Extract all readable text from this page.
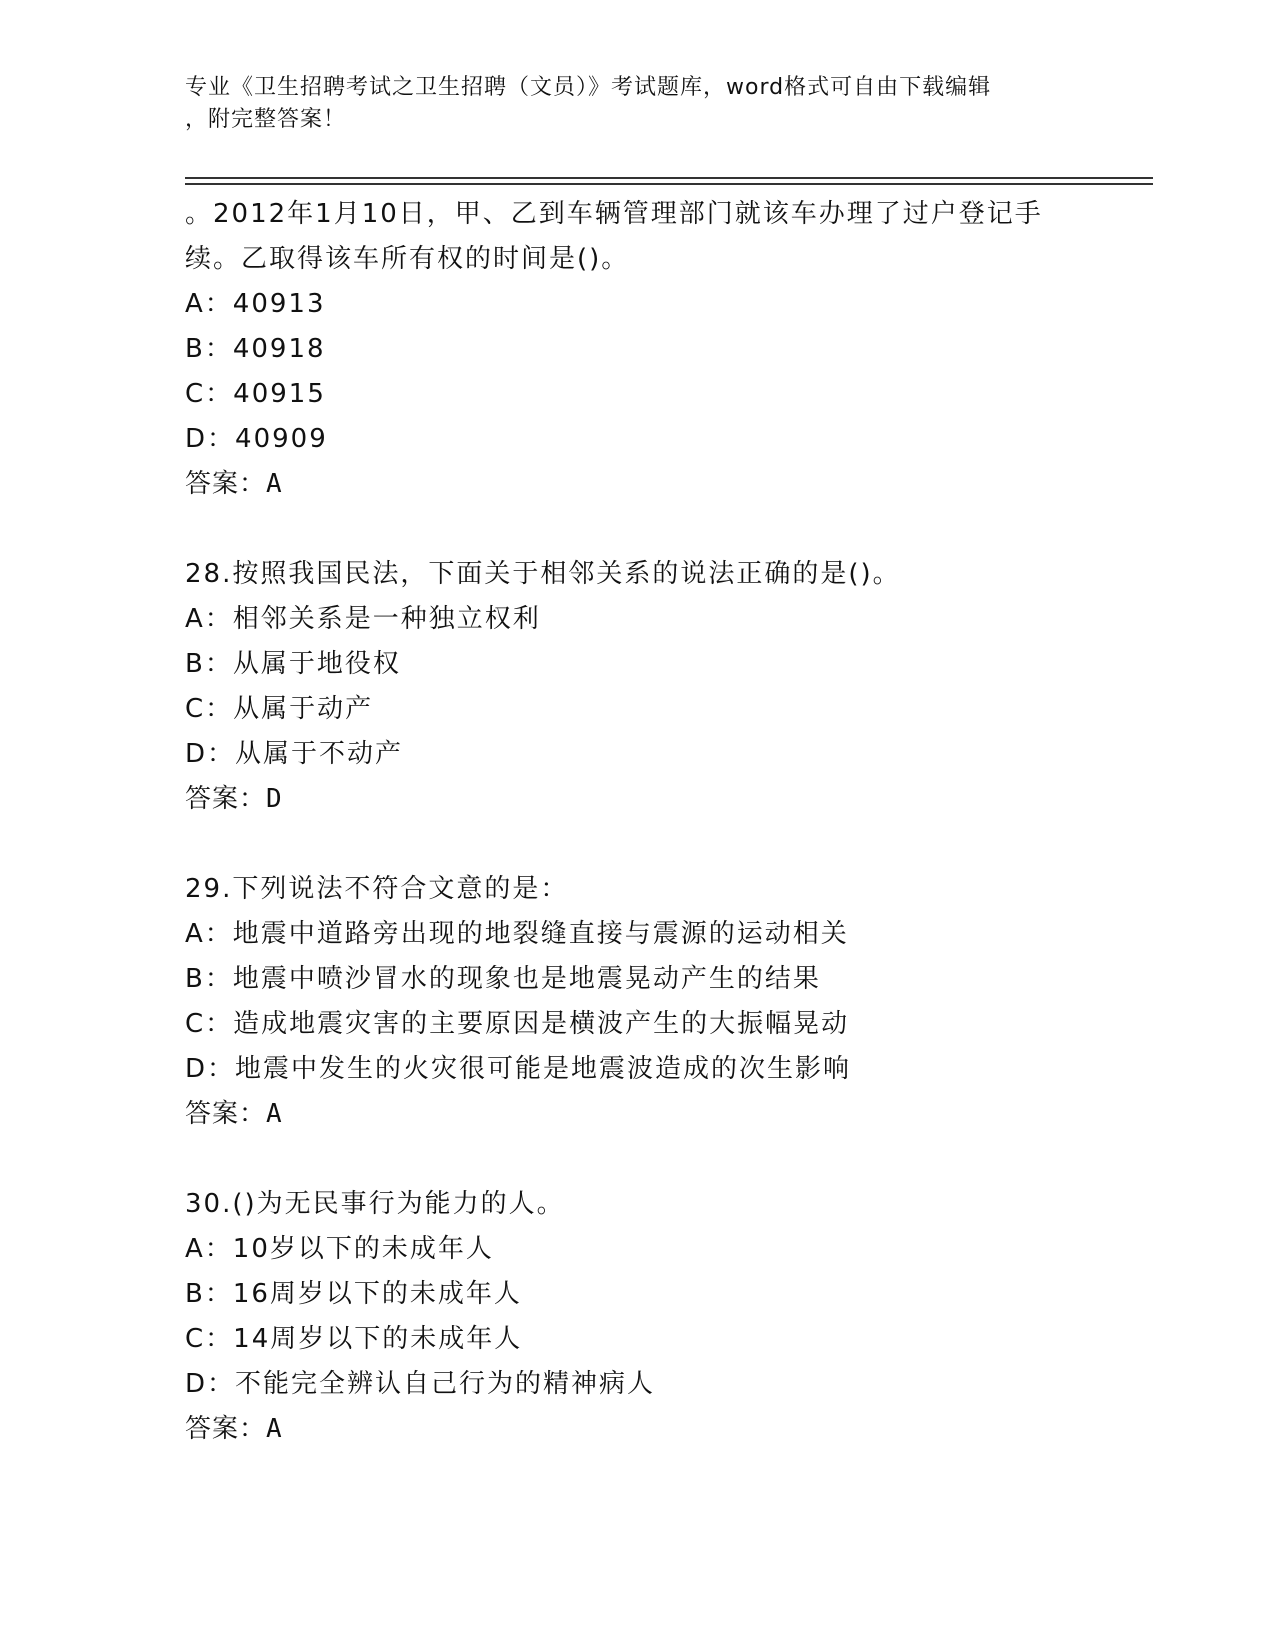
专业《卫生招聘考试之卫生招聘（文员）》考试题库，word格式可自由下载编辑
，附完整答案！
。2012年1月10日，甲、乙到车辆管理部门就该车办理了过户登记手
续。乙取得该车所有权的时间是()。
A：40913
B：40918
C：40915
D：40909
答案：A
28.按照我国民法，下面关于相邻关系的说法正确的是()。
A：相邻关系是一种独立权利
B：从属于地役权
C：从属于动产
D：从属于不动产
答案：D
29.下列说法不符合文意的是：
A：地震中道路旁出现的地裂缝直接与震源的运动相关
B：地震中喷沙冒水的现象也是地震晃动产生的结果
C：造成地震灾害的主要原因是横波产生的大振幅晃动
D：地震中发生的火灾很可能是地震波造成的次生影响
答案：A
30.()为无民事行为能力的人。
A：10岁以下的未成年人
B：16周岁以下的未成年人
C：14周岁以下的未成年人
D：不能完全辨认自己行为的精神病人
答案：A
